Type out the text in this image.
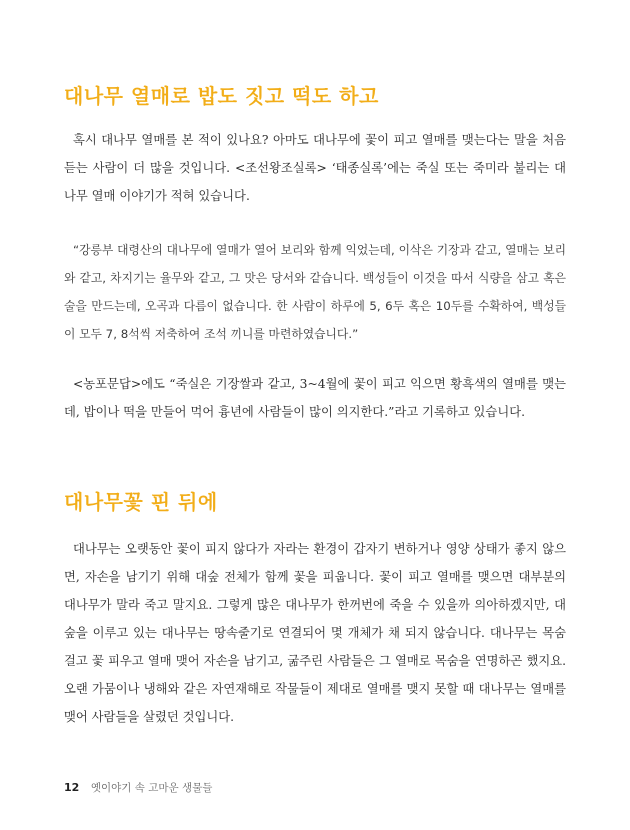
대나무 열매로 밥도 짓고 떡도 하고

혹시 대나무 열매를 본 적이 있나요? 아마도 대나무에 꽃이 피고 열매를 맺는다는 말을 처음 듣는 사람이 더 많을 것입니다. <조선왕조실록> ‘태종실록’에는 죽실 또는 죽미라 불리는 대나무 열매 이야기가 적혀 있습니다.

“강릉부 대령산의 대나무에 열매가 열어 보리와 함께 익었는데, 이삭은 기장과 같고, 열매는 보리와 같고, 차지기는 율무와 같고, 그 맛은 당서와 같습니다. 백성들이 이것을 따서 식량을 삼고 혹은 술을 만드는데, 오곡과 다름이 없습니다. 한 사람이 하루에 5, 6두 혹은 10두를 수확하여, 백성들이 모두 7, 8석씩 저축하여 조석 끼니를 마련하였습니다.”

<농포문답>에도 “죽실은 기장쌀과 같고, 3~4월에 꽃이 피고 익으면 황흑색의 열매를 맺는데, 밥이나 떡을 만들어 먹어 흉년에 사람들이 많이 의지한다.”라고 기록하고 있습니다.

대나무꽃 핀 뒤에

대나무는 오랫동안 꽃이 피지 않다가 자라는 환경이 갑자기 변하거나 영양 상태가 좋지 않으면, 자손을 남기기 위해 대숲 전체가 함께 꽃을 피웁니다. 꽃이 피고 열매를 맺으면 대부분의 대나무가 말라 죽고 말지요. 그렇게 많은 대나무가 한꺼번에 죽을 수 있을까 의아하겠지만, 대숲을 이루고 있는 대나무는 땅속줄기로 연결되어 몇 개체가 채 되지 않습니다. 대나무는 목숨 걸고 꽃 피우고 열매 맺어 자손을 남기고, 굶주린 사람들은 그 열매로 목숨을 연명하곤 했지요. 오랜 가뭄이나 냉해와 같은 자연재해로 작물들이 제대로 열매를 맺지 못할 때 대나무는 열매를 맺어 사람들을 살렸던 것입니다.

12 옛이야기 속 고마운 생물들
